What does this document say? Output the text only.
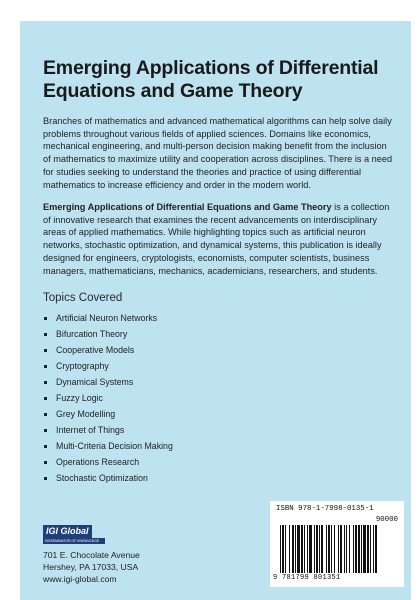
Emerging Applications of Differential
Equations and Game Theory

Branches of mathematics and advanced mathematical algorithms can help solve daily problems throughout various fields of applied sciences. Domains like economics, mechanical engineering, and multi-person decision making benefit from the inclusion of mathematics to maximize utility and cooperation across disciplines. There is a need for studies seeking to understand the theories and practice of using differential mathematics to increase efficiency and order in the modern world.

Emerging Applications of Differential Equations and Game Theory is a collection of innovative research that examines the recent advancements on interdisciplinary areas of applied mathematics. While highlighting topics such as artificial neuron networks, stochastic optimization, and dynamical systems, this publication is ideally designed for engineers, cryptologists, economists, computer scientists, business managers, mathematicians, mechanics, academicians, researchers, and students.

Topics Covered
Artificial Neuron Networks
Bifurcation Theory
Cooperative Models
Cryptography
Dynamical Systems
Fuzzy Logic
Grey Modelling
Internet of Things
Multi-Criteria Decision Making
Operations Research
Stochastic Optimization
IGI Global
DISSEMINATOR OF KNOWLEDGE
701 E. Chocolate Avenue
Hershey, PA 17033, USA
www.igi-global.com
ISBN 978-1-7998-0135-1
90000
9 781799 801351
